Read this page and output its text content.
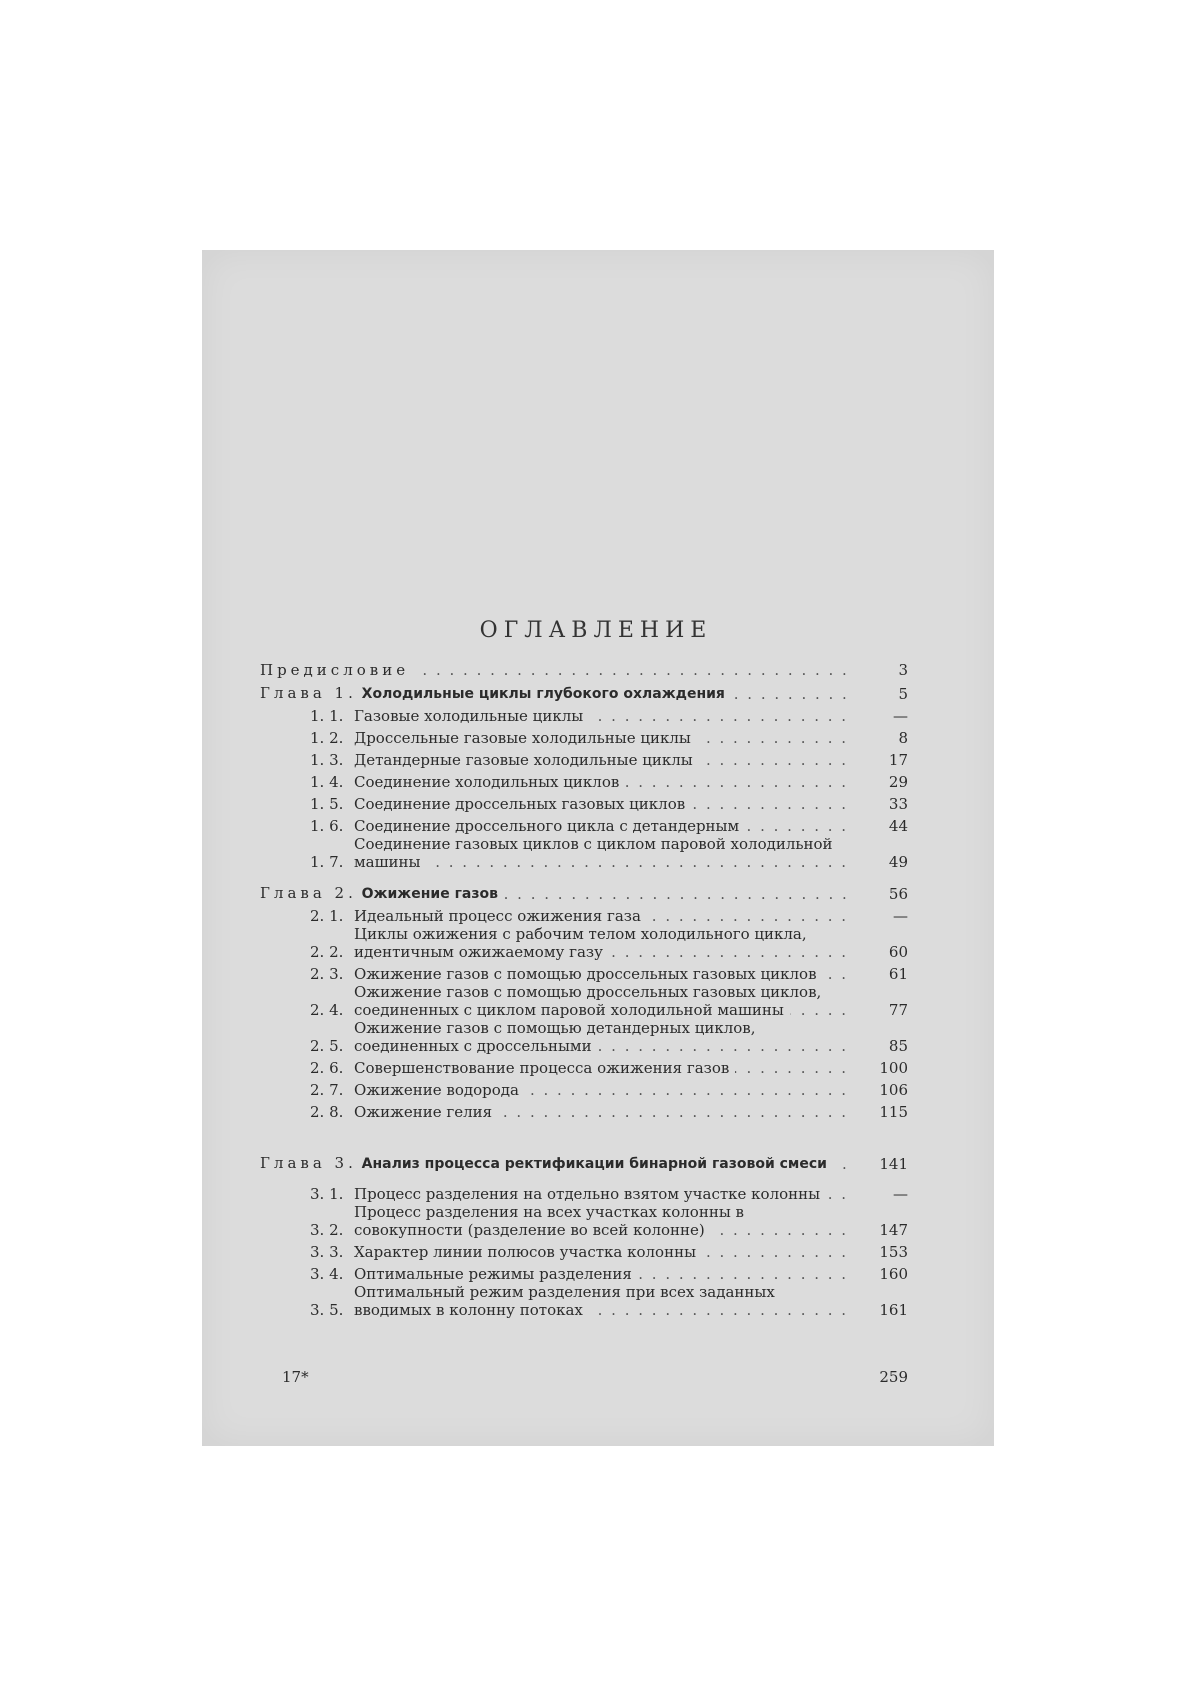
ОГЛАВЛЕНИЕ
Предисловие . . .	3
Глава 1. Холодильные циклы глубокого охлаждения . . .	5
1. 1. Газовые холодильные циклы . . .	—
1. 2. Дроссельные газовые холодильные циклы . . .	8
1. 3. Детандерные газовые холодильные циклы . . .	17
1. 4. Соединение холодильных циклов . . .	29
1. 5. Соединение дроссельных газовых циклов . . .	33
1. 6. Соединение дроссельного цикла с детандерным . . .	44
1. 7.
Соединение газовых циклов с циклом паровой холодильной машины . . .	49
Глава 2. Ожижение газов . . .	56
2. 1. Идеальный процесс ожижения газа . . .	—
2. 2.
Циклы ожижения с рабочим телом холодильного цикла, идентичным ожижаемому газу . . .	60
2. 3. Ожижение газов с помощью дроссельных газовых циклов . . .	61
2. 4.
Ожижение газов с помощью дроссельных газовых циклов, соединенных с циклом паровой холодильной машины . . .	77
2. 5.
Ожижение газов с помощью детандерных циклов, соединенных с дроссельными . . .	85
2. 6. Совершенствование процесса ожижения газов . . .	100
2. 7. Ожижение водорода . . .	106
2. 8. Ожижение гелия . . .	115
Глава 3. Анализ процесса ректификации бинарной газовой смеси . . .	141
3. 1. Процесс разделения на отдельно взятом участке колонны . . .	—
3. 2.
Процесс разделения на всех участках колонны в совокупности (разделение во всей колонне) . . .	147
3. 3. Характер линии полюсов участка колонны . . .	153
3. 4. Оптимальные режимы разделения . . .	160
3. 5.
Оптимальный режим разделения при всех заданных вводимых в колонну потоках . . .	161
17*	259
